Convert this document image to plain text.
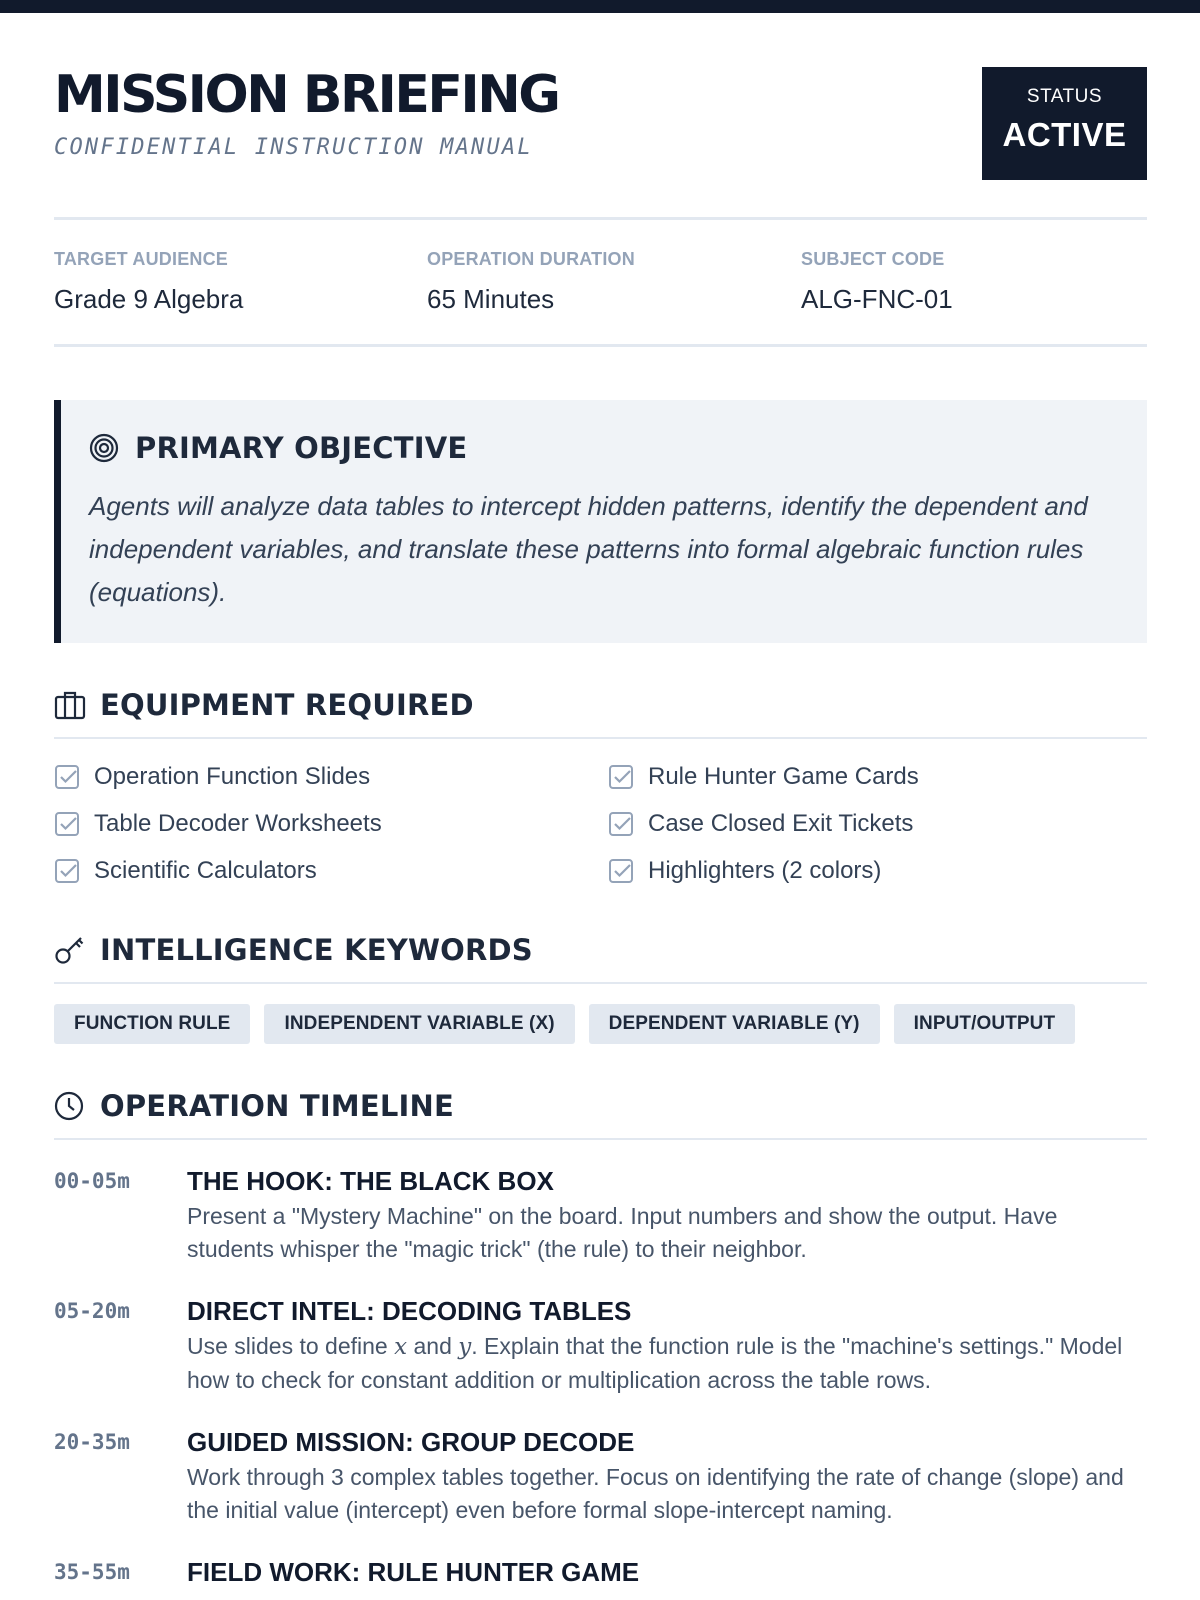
MISSION BRIEFING
CONFIDENTIAL INSTRUCTION MANUAL
STATUS
ACTIVE
TARGET AUDIENCE
Grade 9 Algebra
OPERATION DURATION
65 Minutes
SUBJECT CODE
ALG-FNC-01
PRIMARY OBJECTIVE
Agents will analyze data tables to intercept hidden patterns, identify the dependent and independent variables, and translate these patterns into formal algebraic function rules (equations).
EQUIPMENT REQUIRED
Operation Function Slides	Rule Hunter Game Cards
Table Decoder Worksheets	Case Closed Exit Tickets
Scientific Calculators	Highlighters (2 colors)
INTELLIGENCE KEYWORDS
FUNCTION RULE	INDEPENDENT VARIABLE (X)	DEPENDENT VARIABLE (Y)	INPUT/OUTPUT
OPERATION TIMELINE
00-05m	THE HOOK: THE BLACK BOX
Present a "Mystery Machine" on the board. Input numbers and show the output. Have students whisper the "magic trick" (the rule) to their neighbor.
05-20m	DIRECT INTEL: DECODING TABLES
Use slides to define x and y. Explain that the function rule is the "machine's settings." Model how to check for constant addition or multiplication across the table rows.
20-35m	GUIDED MISSION: GROUP DECODE
Work through 3 complex tables together. Focus on identifying the rate of change (slope) and the initial value (intercept) even before formal slope-intercept naming.
35-55m	FIELD WORK: RULE HUNTER GAME
